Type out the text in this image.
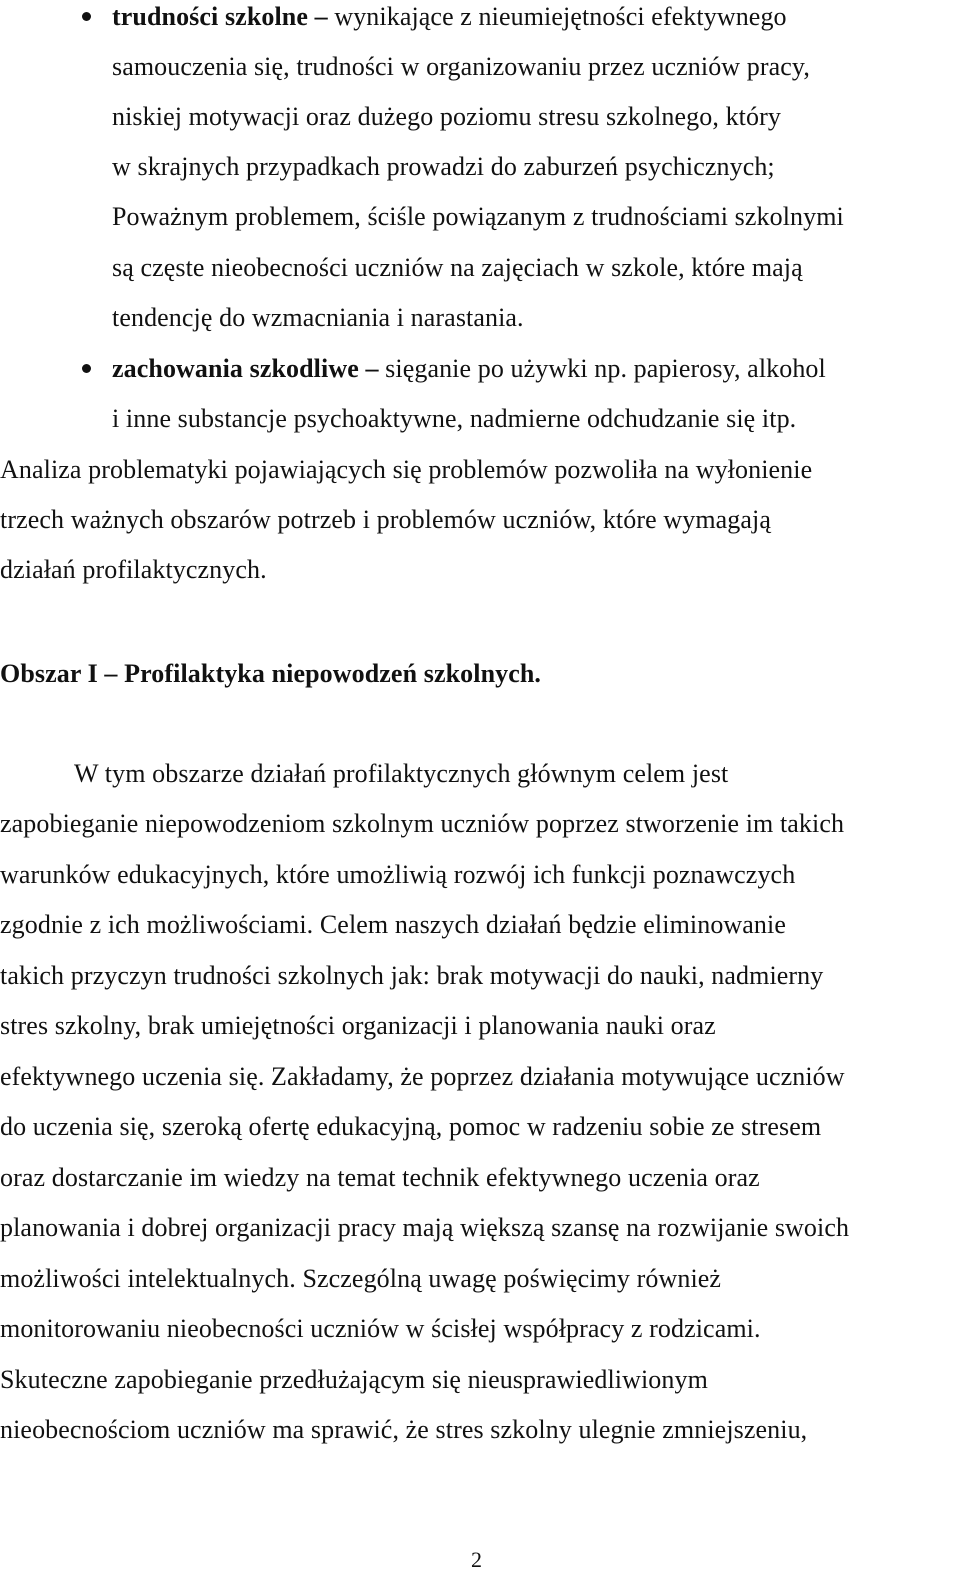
trudności szkolne – wynikające z nieumiejętności efektywnego
samouczenia się, trudności w organizowaniu przez uczniów pracy,
niskiej motywacji oraz dużego poziomu stresu szkolnego, który
w skrajnych przypadkach prowadzi do zaburzeń psychicznych;
Poważnym problemem, ściśle powiązanym z trudnościami szkolnymi
są częste nieobecności uczniów na zajęciach w szkole, które mają
tendencję do wzmacniania i narastania.
zachowania szkodliwe – sięganie po używki np. papierosy, alkohol
i inne substancje psychoaktywne, nadmierne odchudzanie się itp.
Analiza problematyki pojawiających się problemów pozwoliła na wyłonienie
trzech ważnych obszarów potrzeb i problemów uczniów, które wymagają
działań profilaktycznych.
Obszar I – Profilaktyka niepowodzeń szkolnych.
W tym obszarze działań profilaktycznych głównym celem jest
zapobieganie niepowodzeniom szkolnym uczniów poprzez stworzenie im takich
warunków edukacyjnych, które umożliwią rozwój ich funkcji poznawczych
zgodnie z ich możliwościami. Celem naszych działań będzie eliminowanie
takich przyczyn trudności szkolnych jak: brak motywacji do nauki, nadmierny
stres szkolny, brak umiejętności organizacji i planowania nauki oraz
efektywnego uczenia się. Zakładamy, że poprzez działania motywujące uczniów
do uczenia się, szeroką ofertę edukacyjną, pomoc w radzeniu sobie ze stresem
oraz dostarczanie im wiedzy na temat technik efektywnego uczenia oraz
planowania i dobrej organizacji pracy mają większą szansę na rozwijanie swoich
możliwości intelektualnych. Szczególną uwagę poświęcimy również
monitorowaniu nieobecności uczniów w ścisłej współpracy z rodzicami.
Skuteczne zapobieganie przedłużającym się nieusprawiedliwionym
nieobecnościom uczniów ma sprawić, że stres szkolny ulegnie zmniejszeniu,
2
